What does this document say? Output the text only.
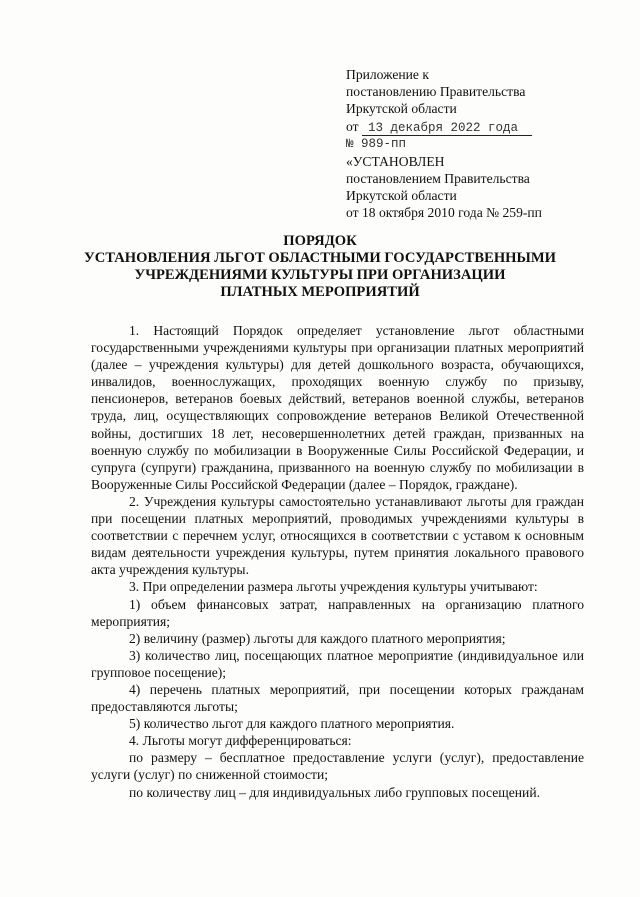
Приложение к
постановлению Правительства
Иркутской области
от 13 декабря 2022 года
№ 989-пп
«УСТАНОВЛЕН
постановлением Правительства
Иркутской области
от 18 октября 2010 года № 259-пп
ПОРЯДОК
УСТАНОВЛЕНИЯ ЛЬГОТ ОБЛАСТНЫМИ ГОСУДАРСТВЕННЫМИ
УЧРЕЖДЕНИЯМИ КУЛЬТУРЫ ПРИ ОРГАНИЗАЦИИ
ПЛАТНЫХ МЕРОПРИЯТИЙ

1. Настоящий Порядок определяет установление льгот областными государственными учреждениями культуры при организации платных мероприятий (далее – учреждения культуры) для детей дошкольного возраста, обучающихся, инвалидов, военнослужащих, проходящих военную службу по призыву, пенсионеров, ветеранов боевых действий, ветеранов военной службы, ветеранов труда, лиц, осуществляющих сопровождение ветеранов Великой Отечественной войны, достигших 18 лет, несовершеннолетних детей граждан, призванных на военную службу по мобилизации в Вооруженные Силы Российской Федерации, и супруга (супруги) гражданина, призванного на военную службу по мобилизации в Вооруженные Силы Российской Федерации (далее – Порядок, граждане).

2. Учреждения культуры самостоятельно устанавливают льготы для граждан при посещении платных мероприятий, проводимых учреждениями культуры в соответствии с перечнем услуг, относящихся в соответствии с уставом к основным видам деятельности учреждения культуры, путем принятия локального правового акта учреждения культуры.

3. При определении размера льготы учреждения культуры учитывают:

1) объем финансовых затрат, направленных на организацию платного мероприятия;

2) величину (размер) льготы для каждого платного мероприятия;

3) количество лиц, посещающих платное мероприятие (индивидуальное или групповое посещение);

4) перечень платных мероприятий, при посещении которых гражданам предоставляются льготы;

5) количество льгот для каждого платного мероприятия.

4. Льготы могут дифференцироваться:

по размеру – бесплатное предоставление услуги (услуг), предоставление услуги (услуг) по сниженной стоимости;

по количеству лиц – для индивидуальных либо групповых посещений.
